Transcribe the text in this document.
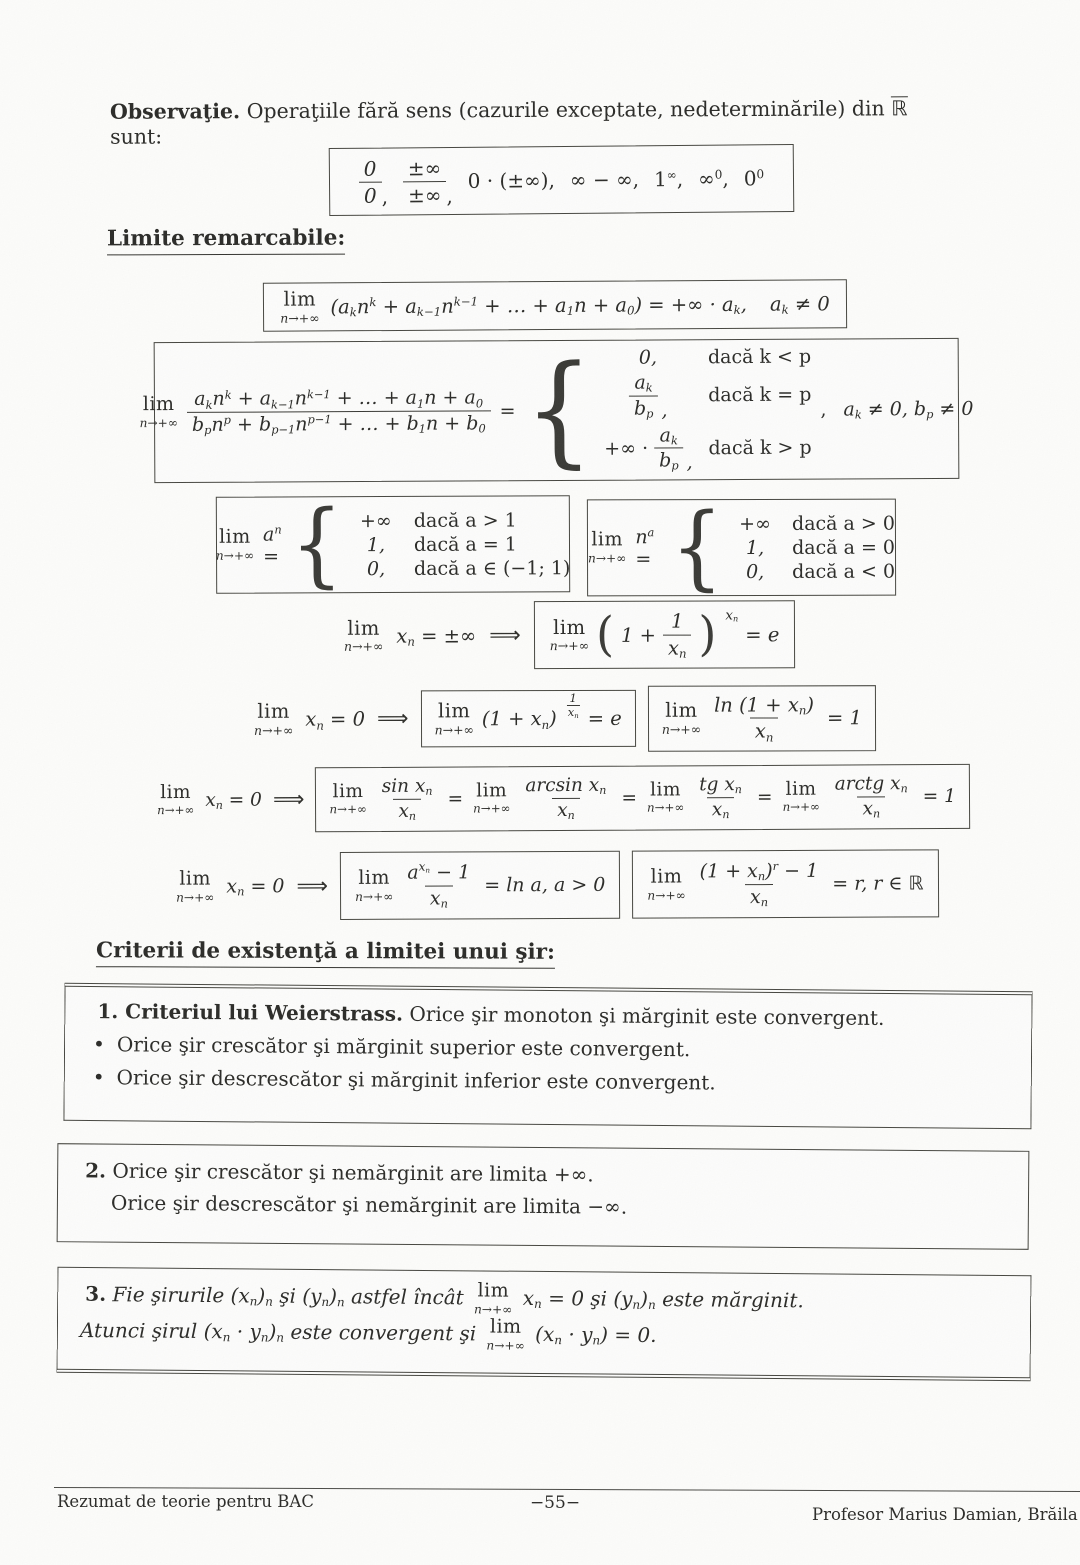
Observaţie. Operaţiile fără sens (cazurile exceptate, nedeterminările) din ℝ sunt:
$\frac{0}{0}$ , $\frac{\pm\infty}{\pm\infty}$ ,
0 · (±∞), ∞ − ∞, 1∞, ∞$^0$, $0^0$
Limite remarcabile:
lim
n→+∞ ($a_kn^k + a_{k-1}n^{k-1}$ + … + $a_1n + a_0$) = +∞ · $a_k$, $a_k \ne 0$
lim
$n\to+\infty \frac{a_kn^k + a_{k-1}n^{k-1} + \dots + a_1n + a_0}{b_pn^p + b_{p-1}n^{p-1} + \dots + b_1n + b_0}$ = { 0,	dacă k < p
$\frac{a_k}{b_p}$ ,
dacă k = p
+∞ · $\frac{a_k}{b_p}$ ,
dacă k > p
, $a_k \ne 0$, $b_p \ne 0$
lim
n→+∞
$a^n$ = { +∞ dacă a > 1
1, dacă a = 1
0, dacă a ∈ (−1; 1)
lim
n→+∞
$n^a$ = { +∞ dacă a > 0
1, dacă a = 0
0, dacă a < 0
lim
n→+∞ $x_n$ = ±∞ ⟹ lim
n→+∞ ( $1 + \frac{1}{x_n}$ ) $x_n$
= e
lim
n→+∞ $x_n = 0$ ⟹ lim
n→+∞ $(1 + x_n) \frac{1}{x_n} = e$ lim
$n\to+\infty \frac{\ln (1 + x_n)}{x_n} = 1$
lim
n→+∞ $x_n = 0$ ⟹ lim
$n\to+\infty \frac{\sin x_n}{x_n} = \lim$
$n\to+\infty \frac{\arcsin x_n}{x_n} = \lim$
$n\to+\infty \frac{tg x_n}{x_n} = \lim$
$n\to+\infty \frac{arctg x_n}{x_n} = 1$
lim
n→+∞
$x_n = 0$ ⟹ lim
$n\to+\infty \frac{a^{x_n} - 1}{x_n} = \ln a$, a > 0 lim
$n\to+\infty \frac{(1 + x_n)^r - 1}{x_n} = r$, r ∈ ℝ
Criterii de existenţă a limitei unui şir:
1. Criteriul lui Weierstrass. Orice şir monoton şi mărginit este convergent.
• Orice şir crescător şi mărginit superior este convergent.
• Orice şir descrescător şi mărginit inferior este convergent.
2. Orice şir crescător şi nemărginit are limita +∞.
Orice şir descrescător şi nemărginit are limita −∞.
3. Fie şirurile $(x_n)_n$ şi $(y_n)_n$ astfel încât lim
n→+∞
$x_n = 0$ şi $(y_n)_n$ este mărginit.
Atunci şirul $(x_n \cdot y_n)_n$ este convergent şi lim
n→+∞ $(x_n \cdot y_n) = 0$.
Rezumat de teorie pentru BAC	−55−
Profesor Marius Damian, Brăila
